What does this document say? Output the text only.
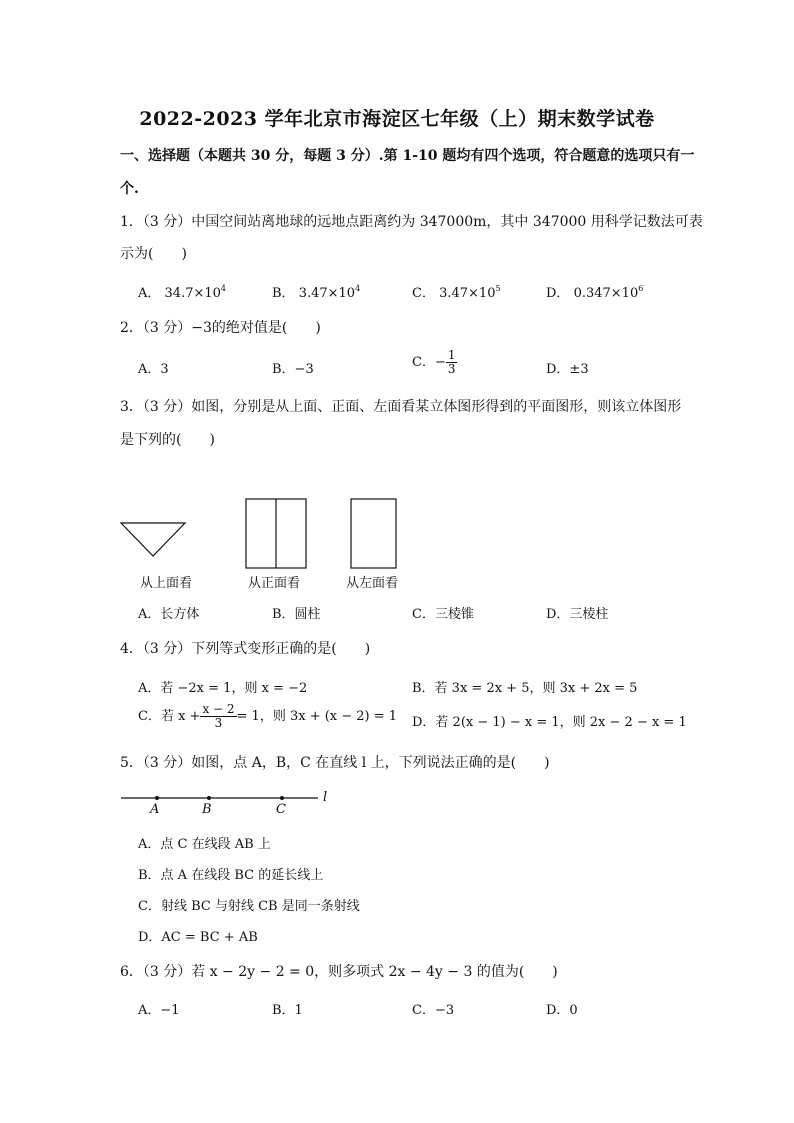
2022-2023 学年北京市海淀区七年级（上）期末数学试卷
一、选择题（本题共 30 分，每题 3 分）.第 1-10 题均有四个选项，符合题意的选项只有一
个.
1．（3 分）中国空间站离地球的远地点距离约为 347000m，其中 347000 用科学记数法可表
示为(　　)
A． $34.7\times 10^4$	B． $3.47\times 10^4$	C． $3.47\times 10^5$	D． $0.347\times 10^6$
2．（3 分）−3的绝对值是(　　)
A．3	B．−3	C．− $\frac{1}{3}$	D．±3
3．（3 分）如图，分别是从上面、正面、左面看某立体图形得到的平面图形，则该立体图形
是下列的(　　)
从上面看	从正面看	从左面看
A．长方体	B．圆柱	C．三棱锥	D．三棱柱
4．（3 分）下列等式变形正确的是(　　)
A．若 −2x = 1，则 x = −2	B．若 3x = 2x + 5，则 3x + 2x = 5
C．若 $x + \frac{x - 2}{3} = 1$，则 3x + (x − 2) = 1 D．若 2(x − 1) − x = 1，则 2x − 2 − x = 1
5．（3 分）如图，点 A，B，C 在直线 l 上，下列说法正确的是(　　)
A	B	C
l
A．点 C 在线段 AB 上
B．点 A 在线段 BC 的延长线上
C．射线 BC 与射线 CB 是同一条射线
D．AC = BC + AB
6．（3 分）若 x − 2y − 2 = 0，则多项式 2x − 4y − 3 的值为(　　)
A．−1	B．1	C．−3	D．0
